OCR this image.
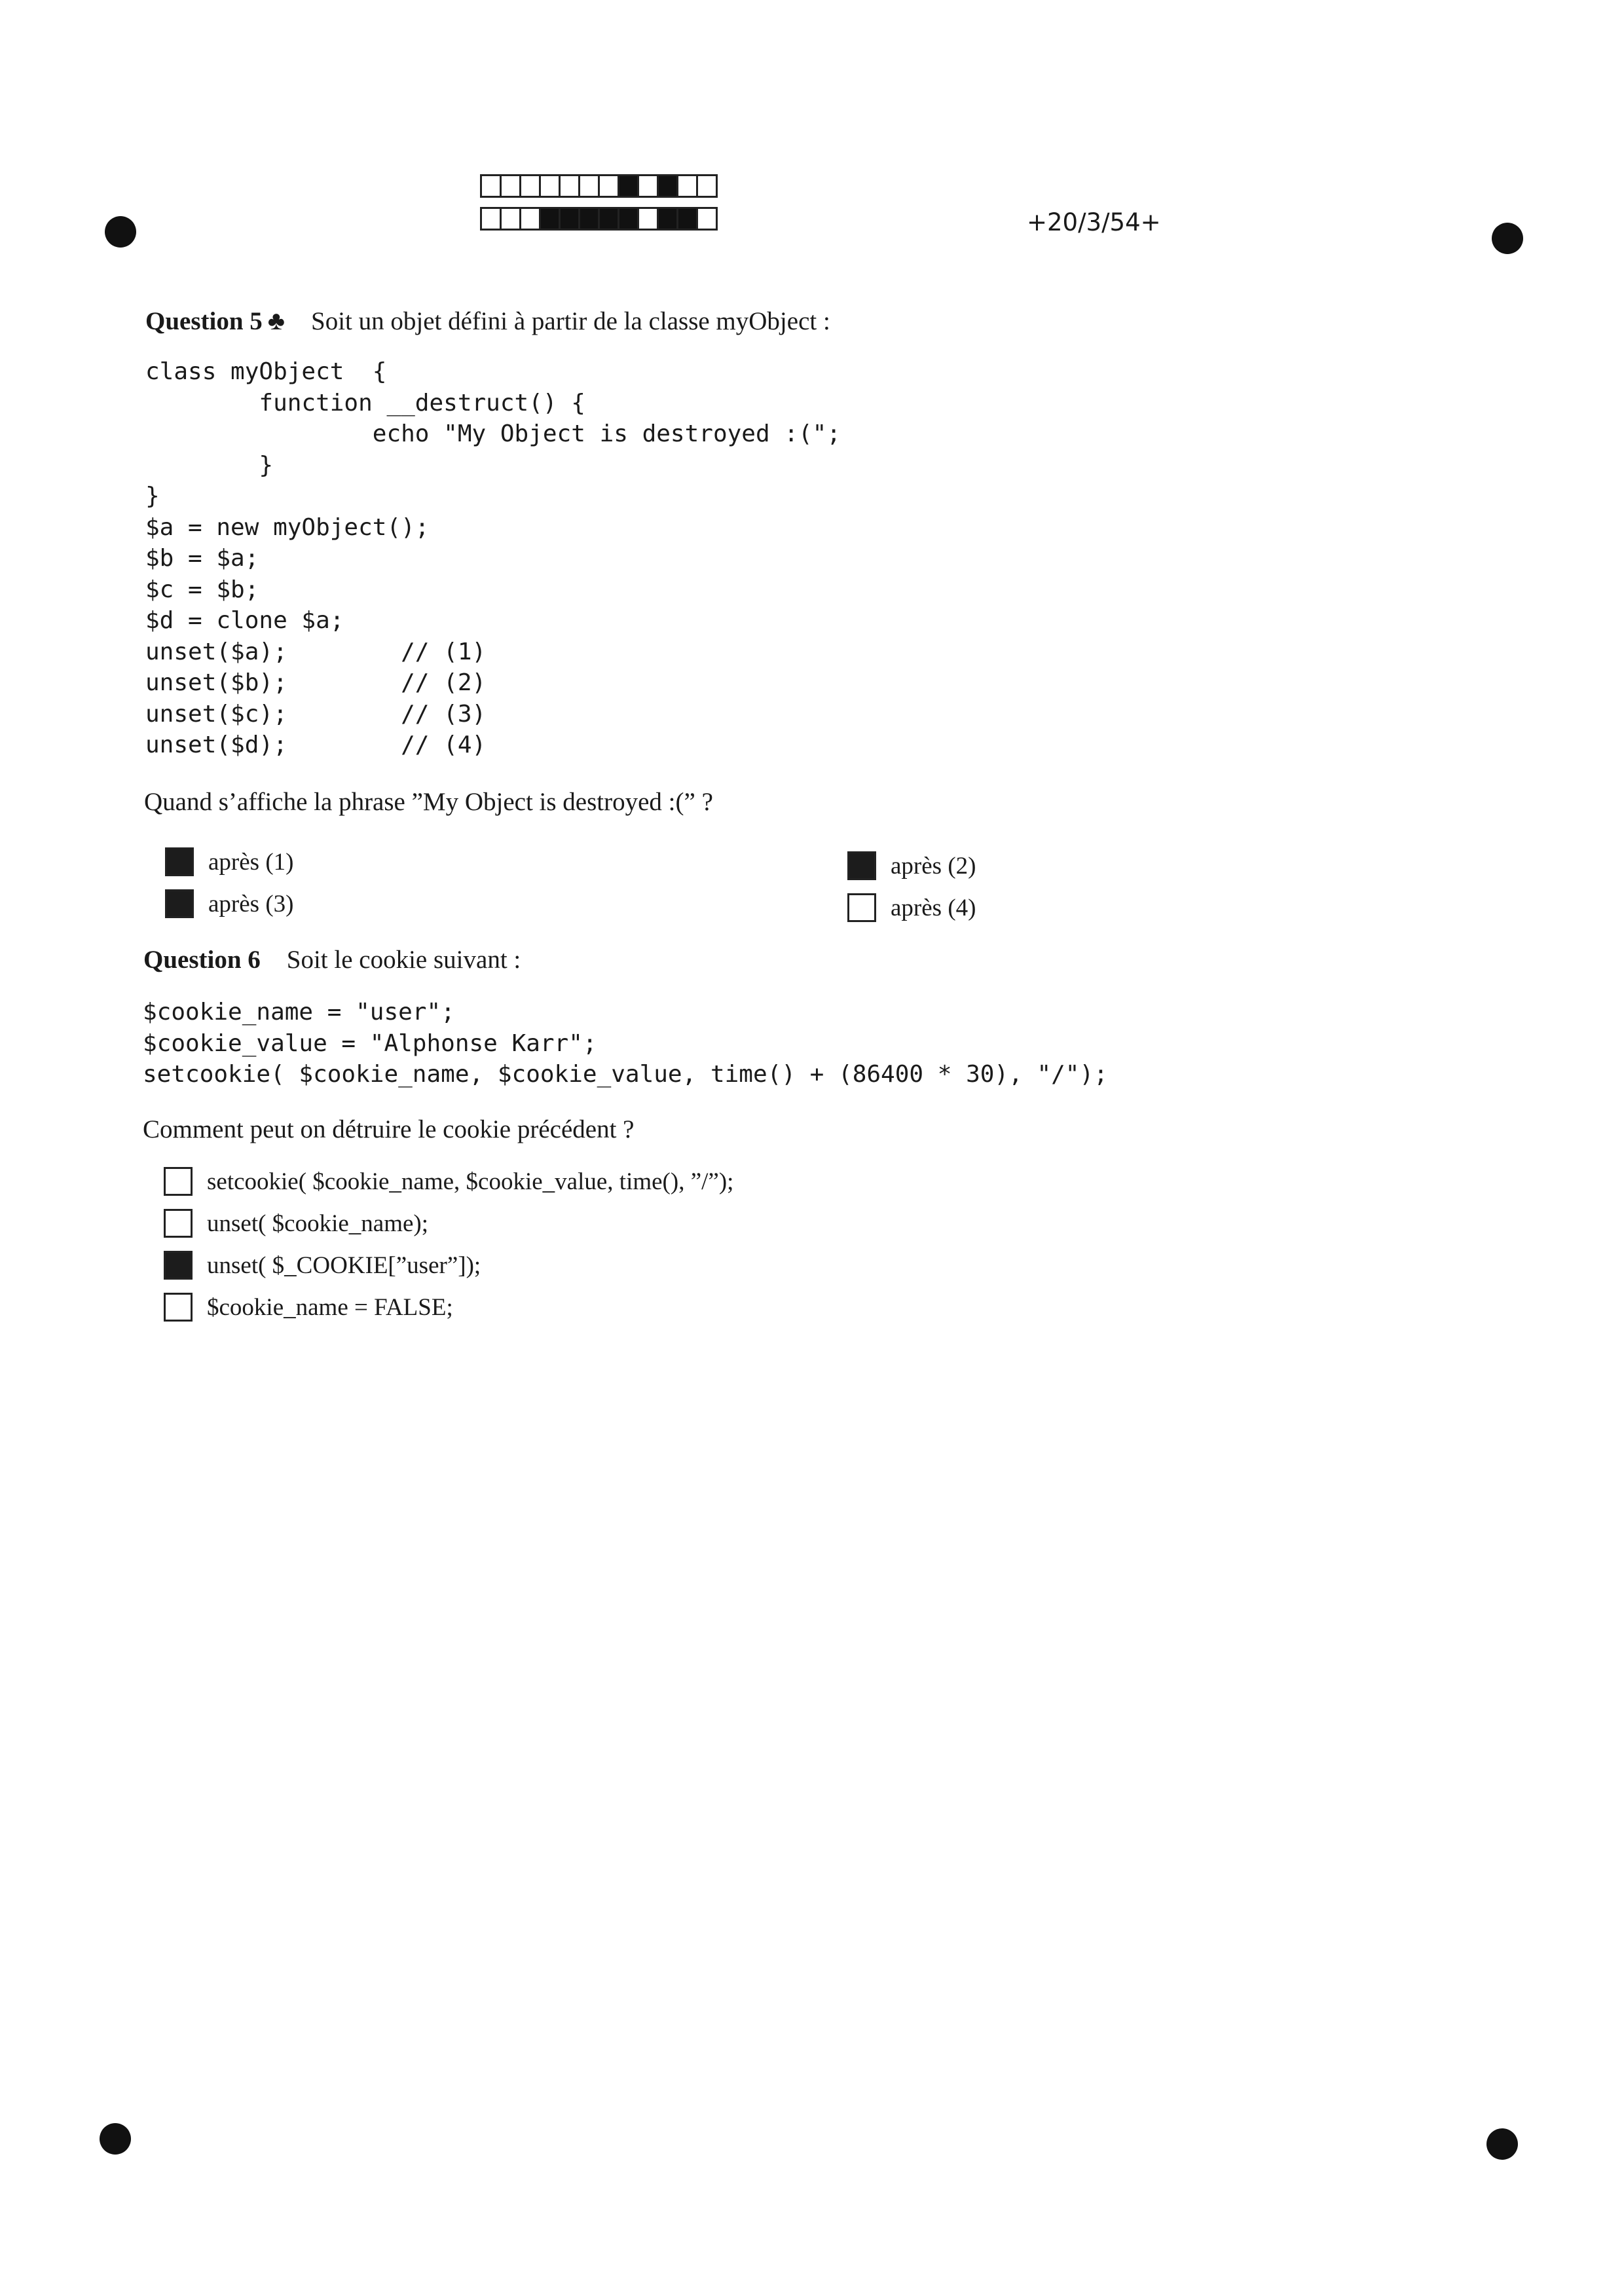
+20/3/54+
Question 5 ♣ Soit un objet défini à partir de la classe myObject :
class myObject  {
function __destruct() {
echo "My Object is destroyed :(";
}
}
$a = new myObject();
$b = $a;
$c = $b;
$d = clone $a;
unset($a);        // (1)
unset($b);        // (2)
unset($c);        // (3)
unset($d);        // (4)
Quand s’affiche la phrase ”My Object is destroyed :(” ?
après (1)	après (2)
après (3)	après (4)
Question 6 Soit le cookie suivant :
$cookie_name = "user";
$cookie_value = "Alphonse Karr";
setcookie( $cookie_name, $cookie_value, time() + (86400 * 30), "/");
Comment peut on détruire le cookie précédent ?
setcookie( $cookie_name, $cookie_value, time(), ”/”);
unset( $cookie_name);
unset( $_COOKIE[”user”]);
$cookie_name = FALSE;
